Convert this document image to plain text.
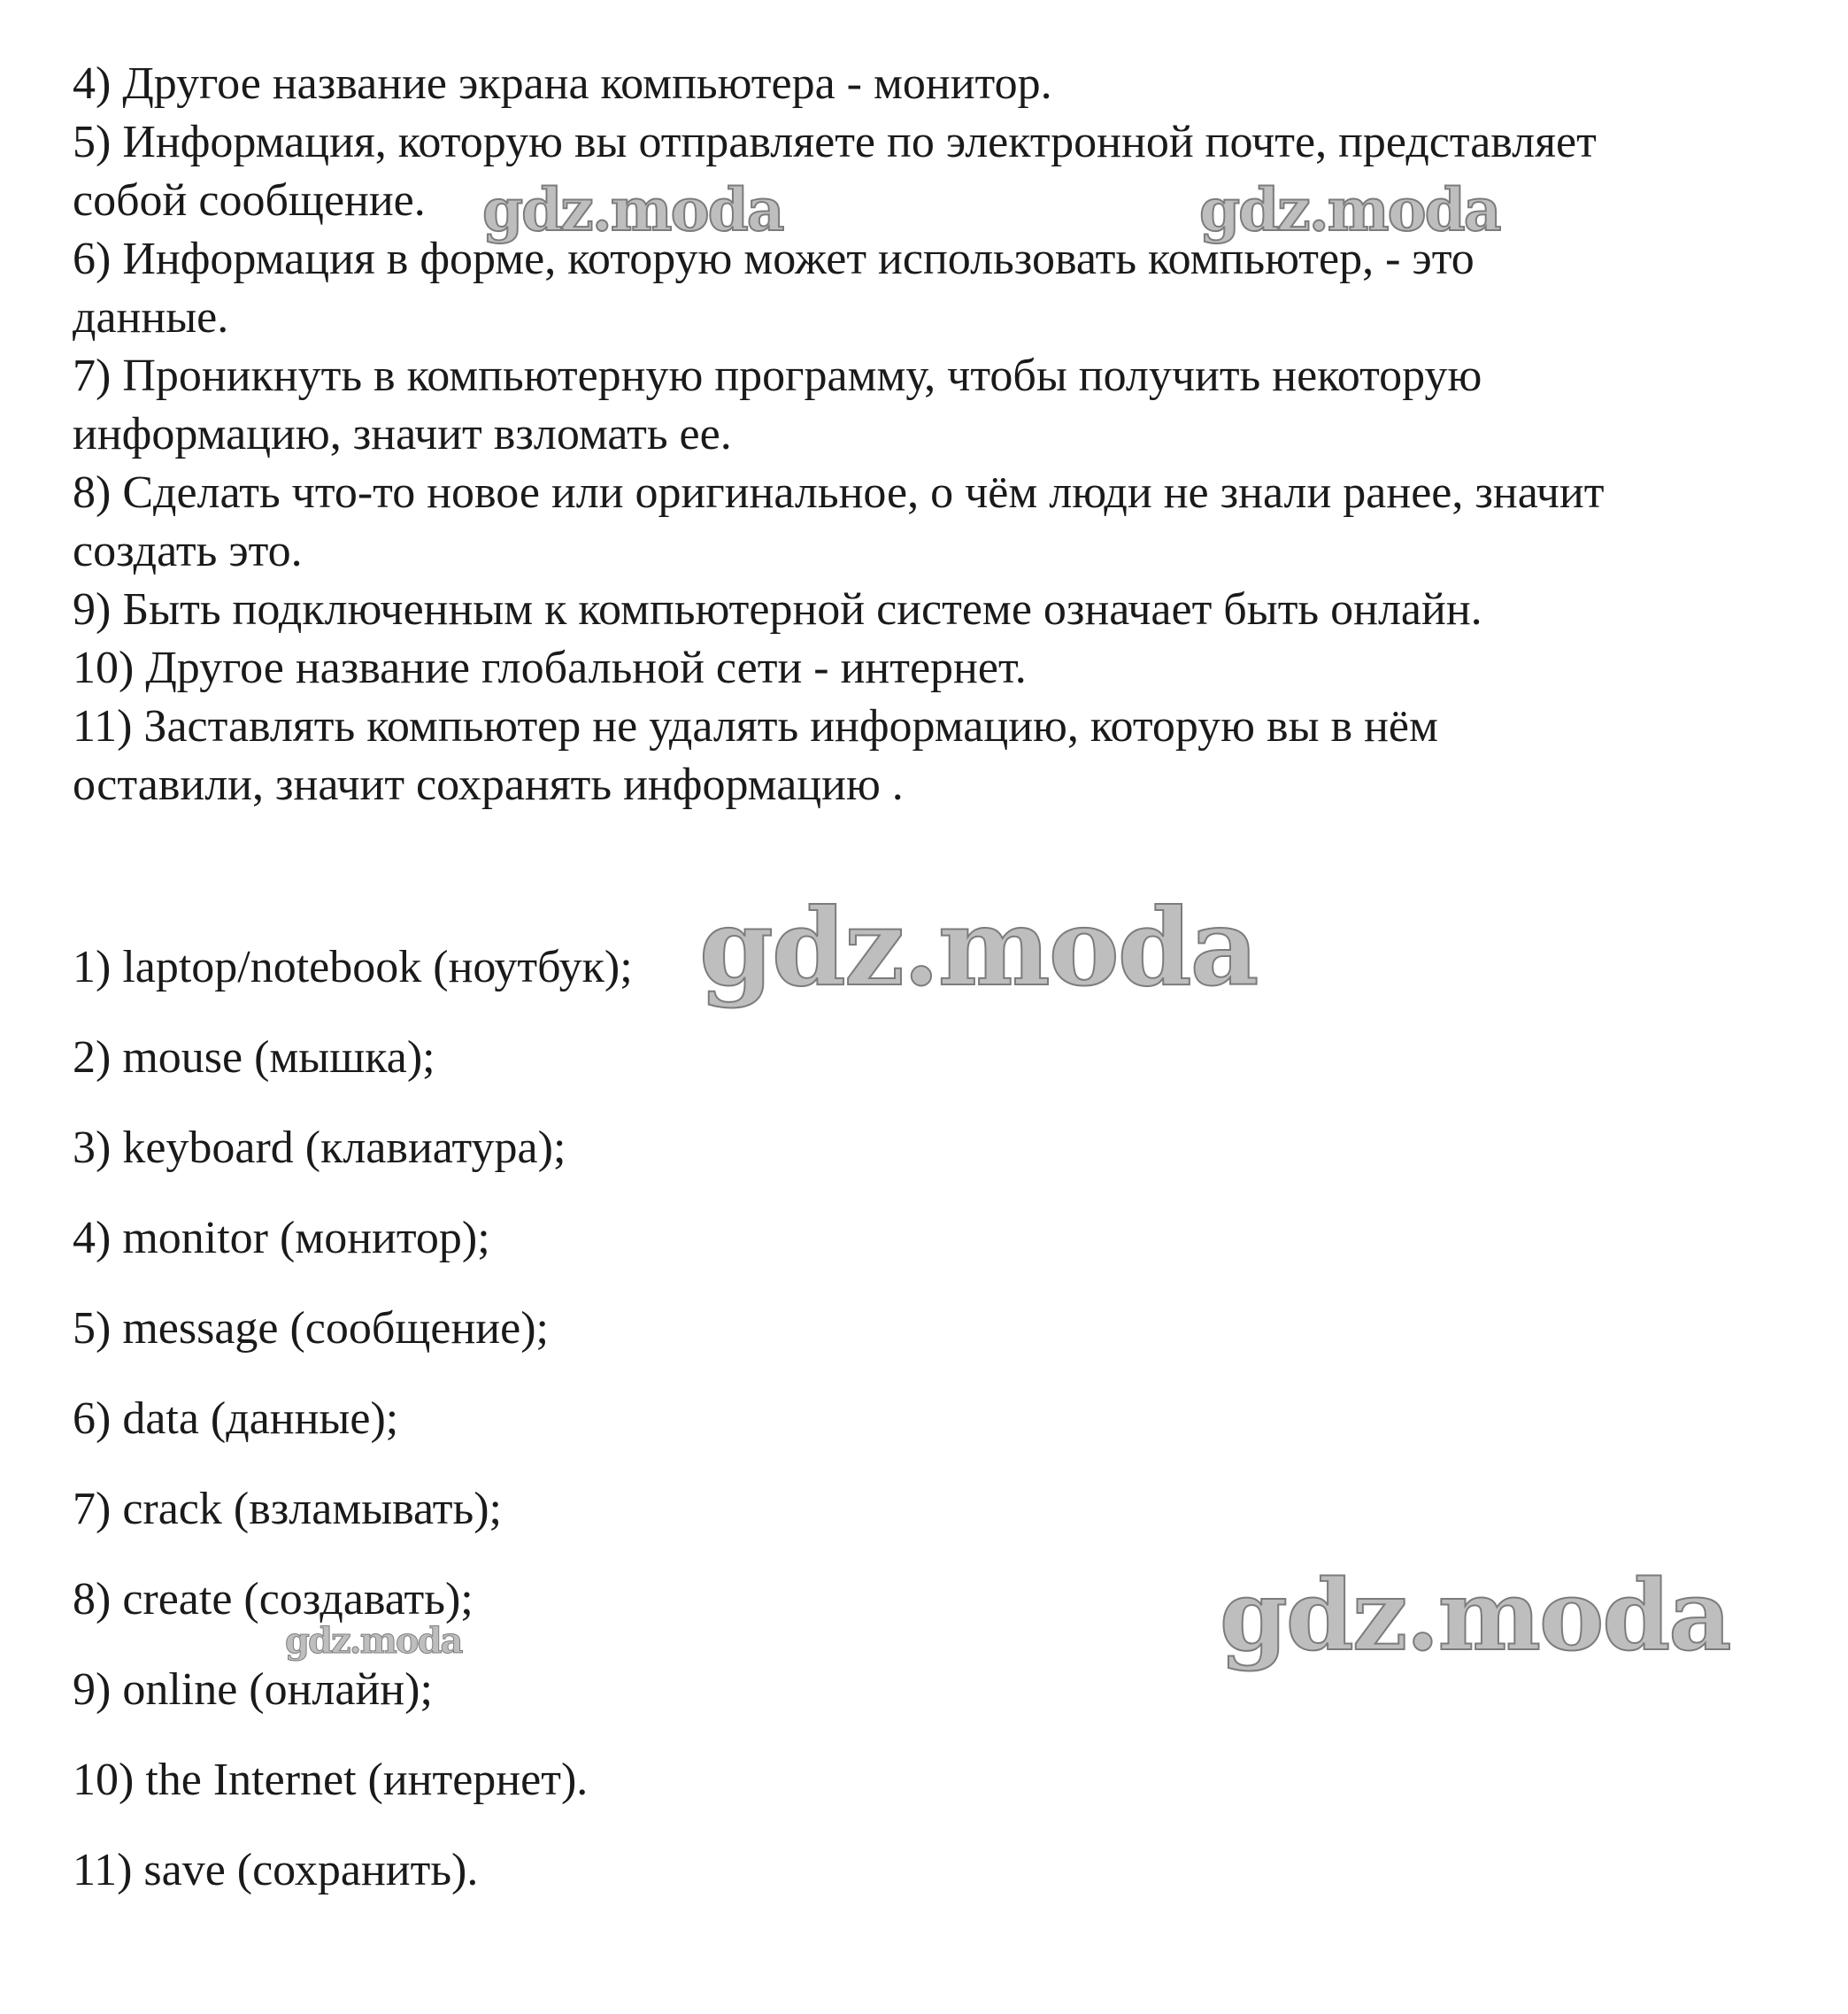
4) Другое название экрана компьютера - монитор.

5) Информация, которую вы отправляете по электронной почте, представляет

собой сообщение.

6) Информация в форме, которую может использовать компьютер, - это

данные.

7) Проникнуть в компьютерную программу, чтобы получить некоторую

информацию, значит взломать ее.

8) Сделать что-то новое или оригинальное, о чём люди не знали ранее, значит

создать это.

9) Быть подключенным к компьютерной системе означает быть онлайн.

10) Другое название глобальной сети - интернет.

11) Заставлять компьютер не удалять информацию, которую вы в нём

оставили, значит сохранять информацию .

1) laptop/notebook (ноутбук);

2) mouse (мышка);

3) keyboard (клавиатура);

4) monitor (монитор);

5) message (сообщение);

6) data (данные);

7) crack (взламывать);

8) create (создавать);

9) online (онлайн);

10) the Internet (интернет).

11) save (сохранить).

gdz.moda	gdz.moda
gdz.moda
gdz.moda
gdz.moda
